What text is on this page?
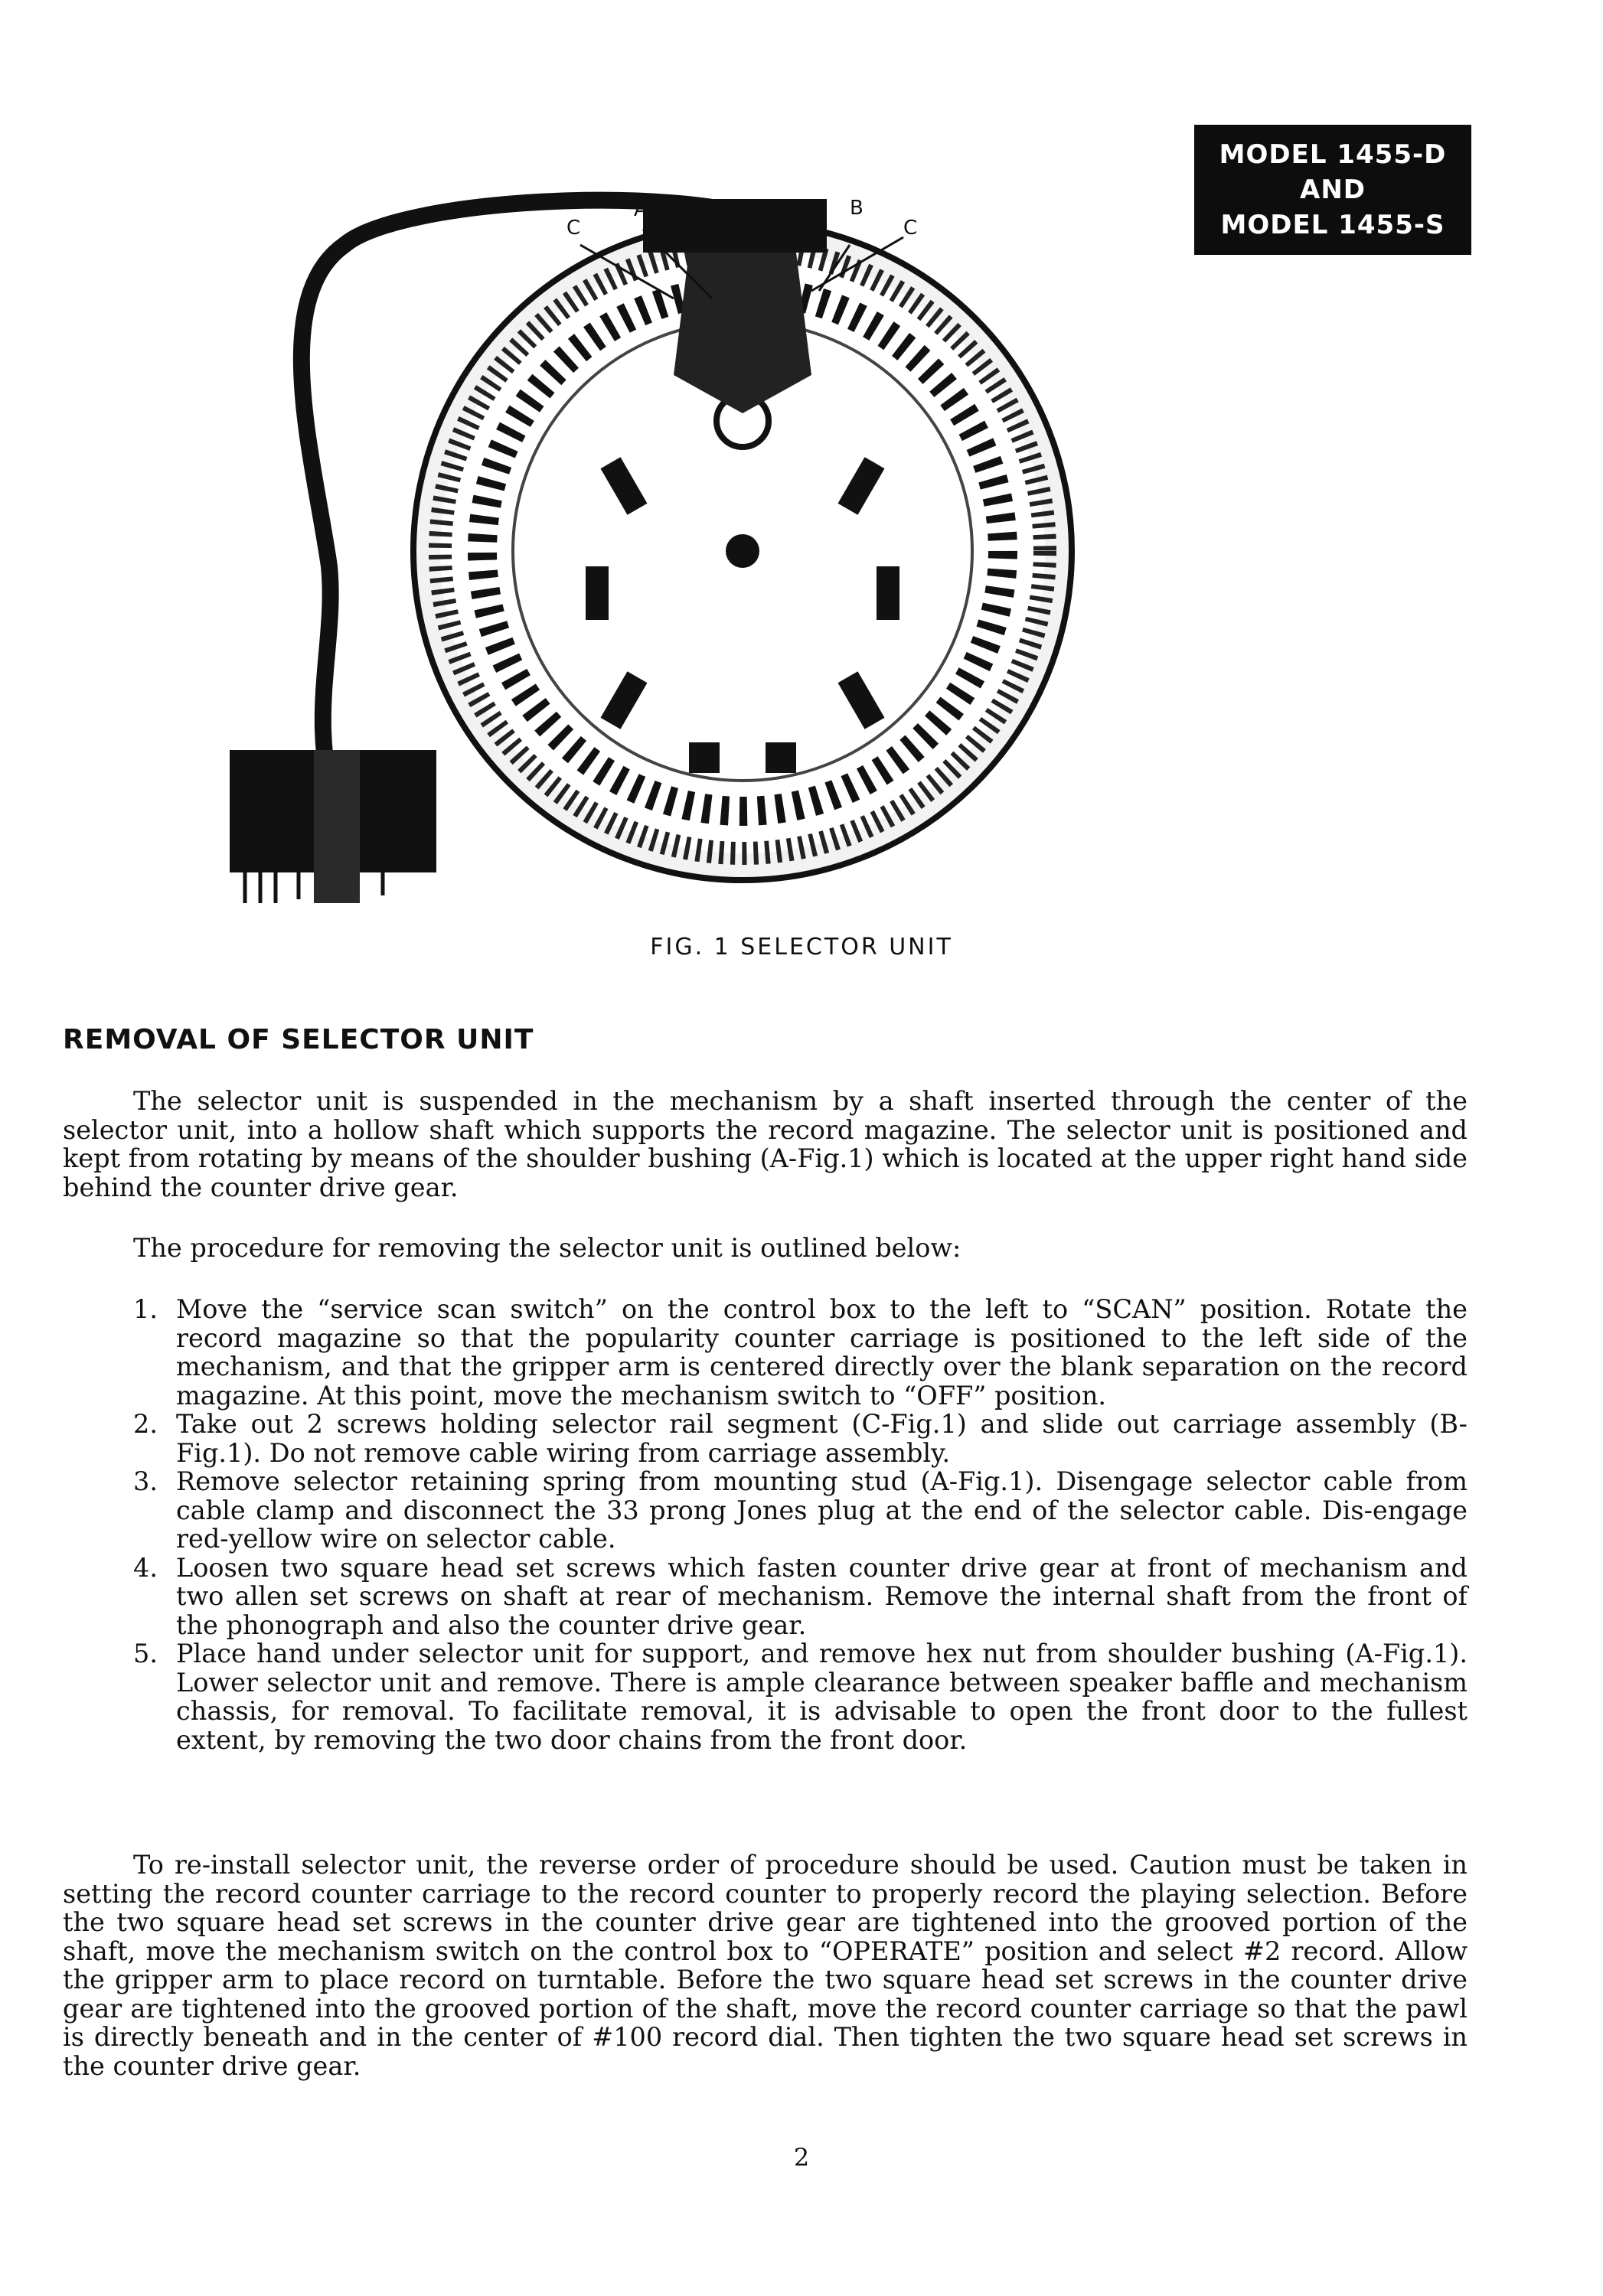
MODEL 1455-D
AND
MODEL 1455-S
A	B
C	C
FIG. 1 SELECTOR UNIT
REMOVAL OF SELECTOR UNIT

The selector unit is suspended in the mechanism by a shaft inserted through the center of the selector unit, into a hollow shaft which supports the record magazine. The selector unit is positioned and kept from rotating by means of the shoulder bushing (A-Fig.1) which is located at the upper right hand side behind the counter drive gear.

The procedure for removing the selector unit is outlined below:

1. Move the “service scan switch” on the control box to the left to “SCAN” position. Rotate the record magazine so that the popularity counter carriage is positioned to the left side of the mechanism, and that the gripper arm is centered directly over the blank separation on the record magazine. At this point, move the mechanism switch to “OFF” position.
2. Take out 2 screws holding selector rail segment (C-Fig.1) and slide out carriage assembly (B-Fig.1). Do not remove cable wiring from carriage assembly.
3. Remove selector retaining spring from mounting stud (A-Fig.1). Disengage selector cable from cable clamp and disconnect the 33 prong Jones plug at the end of the selector cable. Dis-engage red-yellow wire on selector cable.
4. Loosen two square head set screws which fasten counter drive gear at front of mechanism and two allen set screws on shaft at rear of mechanism. Remove the internal shaft from the front of the phonograph and also the counter drive gear.
5. Place hand under selector unit for support, and remove hex nut from shoulder bushing (A-Fig.1). Lower selector unit and remove. There is ample clearance between speaker baffle and mechanism chassis, for removal. To facilitate removal, it is advisable to open the front door to the fullest extent, by removing the two door chains from the front door.

To re-install selector unit, the reverse order of procedure should be used. Caution must be taken in setting the record counter carriage to the record counter to properly record the playing selection. Before the two square head set screws in the counter drive gear are tightened into the grooved portion of the shaft, move the mechanism switch on the control box to “OPERATE” position and select #2 record. Allow the gripper arm to place record on turntable. Before the two square head set screws in the counter drive gear are tightened into the grooved portion of the shaft, move the record counter carriage so that the pawl is directly beneath and in the center of #100 record dial. Then tighten the two square head set screws in the counter drive gear.

2
